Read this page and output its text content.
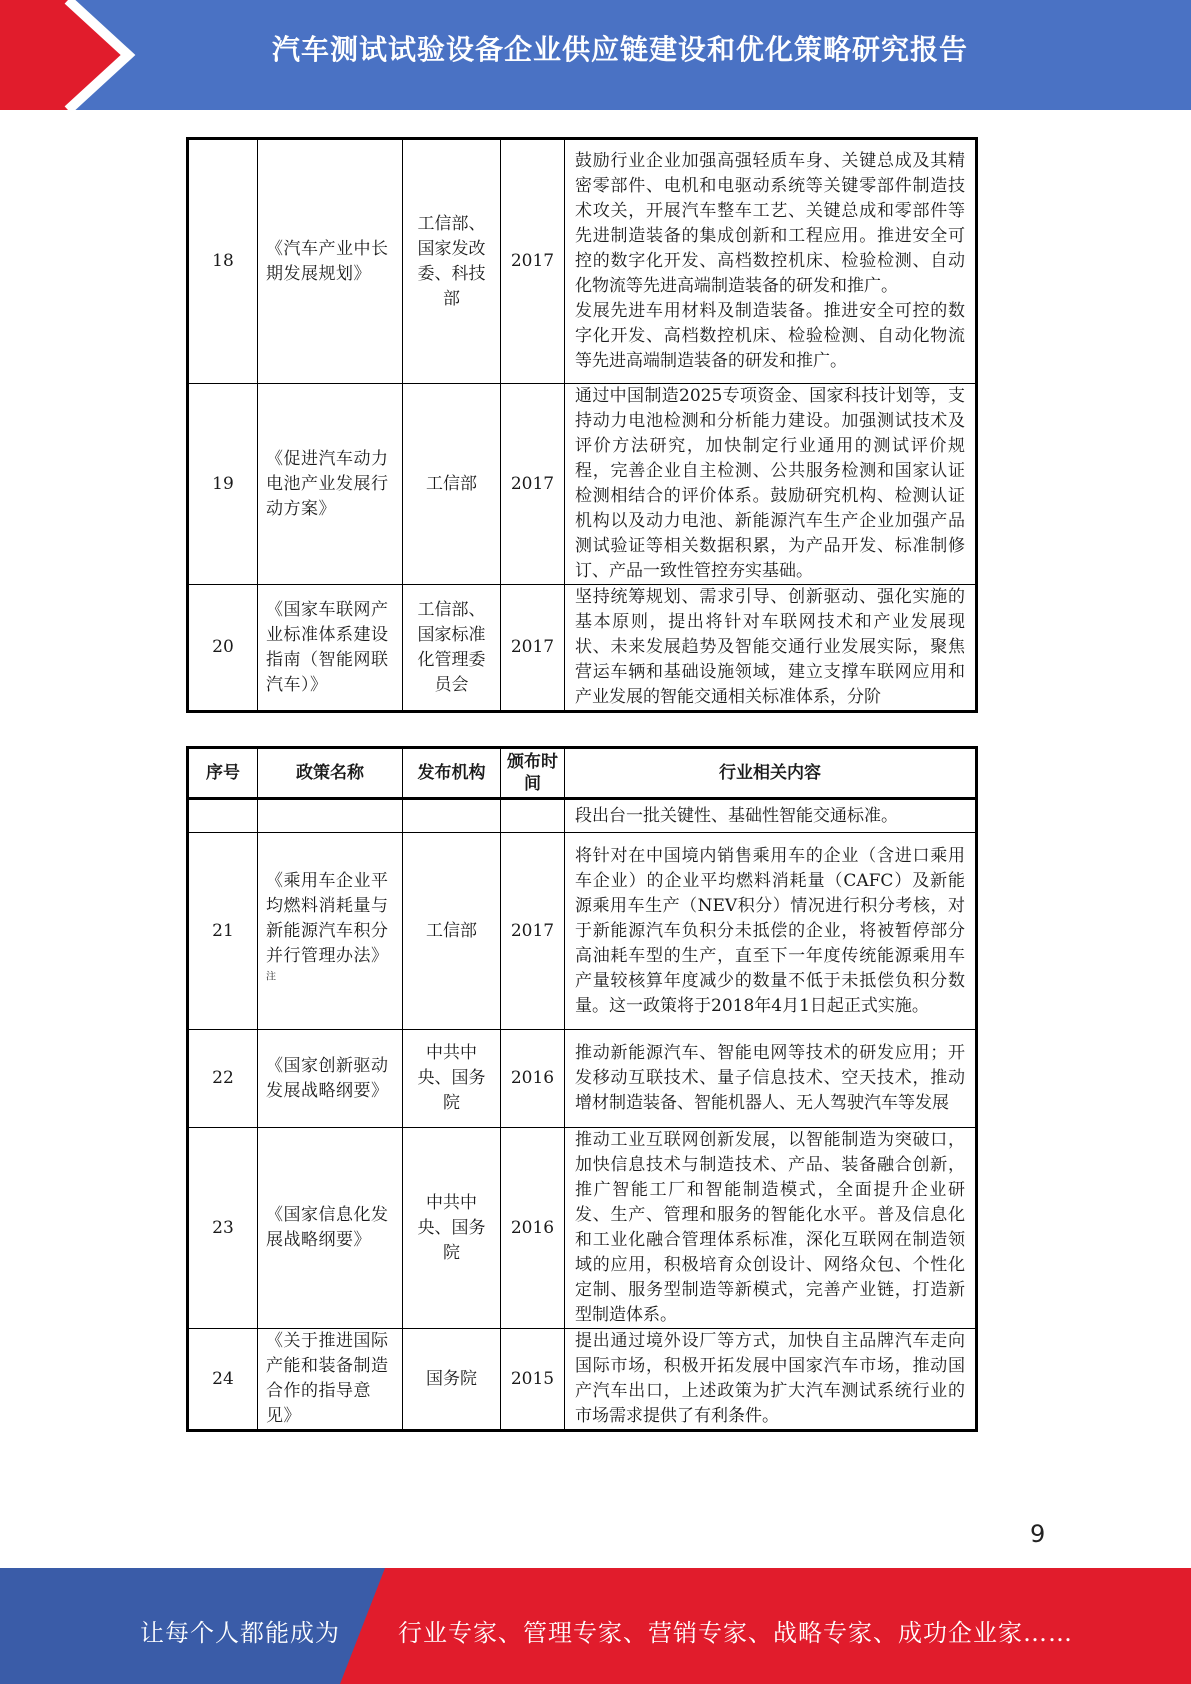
汽车测试试验设备企业供应链建设和优化策略研究报告
18	《汽车产业中长期发展规划》	工信部、国家发改委、科技部	2017	鼓励行业企业加强高强轻质车身、关键总成及其精密零部件、电机和电驱动系统等关键零部件制造技术攻关，开展汽车整车工艺、关键总成和零部件等先进制造装备的集成创新和工程应用。推进安全可控的数字化开发、高档数控机床、检验检测、自动化物流等先进高端制造装备的研发和推广。
发展先进车用材料及制造装备。推进安全可控的数字化开发、高档数控机床、检验检测、自动化物流等先进高端制造装备的研发和推广。

19	《促进汽车动力电池产业发展行动方案》	工信部	2017	通过中国制造2025专项资金、国家科技计划等，支持动力电池检测和分析能力建设。加强测试技术及评价方法研究，加快制定行业通用的测试评价规程，完善企业自主检测、公共服务检测和国家认证检测相结合的评价体系。鼓励研究机构、检测认证机构以及动力电池、新能源汽车生产企业加强产品测试验证等相关数据积累，为产品开发、标准制修订、产品一致性管控夯实基础。
20	《国家车联网产业标准体系建设指南（智能网联汽车）》	工信部、国家标准化管理委员会	2017	坚持统筹规划、需求引导、创新驱动、强化实施的基本原则，提出将针对车联网技术和产业发展现状、未来发展趋势及智能交通行业发展实际，聚焦营运车辆和基础设施领域，建立支撑车联网应用和产业发展的智能交通相关标准体系，分阶
序号	政策名称	发布机构	颁布时间	行业相关内容
				段出台一批关键性、基础性智能交通标准。
21	《乘用车企业平均燃料消耗量与新能源汽车积分并行管理办法》$^注$	工信部	2017	将针对在中国境内销售乘用车的企业（含进口乘用车企业）的企业平均燃料消耗量（CAFC）及新能源乘用车生产（NEV积分）情况进行积分考核，对于新能源汽车负积分未抵偿的企业，将被暂停部分高油耗车型的生产，直至下一年度传统能源乘用车产量较核算年度减少的数量不低于未抵偿负积分数量。这一政策将于2018年4月1日起正式实施。
22	《国家创新驱动发展战略纲要》	中共中央、国务院	2016	推动新能源汽车、智能电网等技术的研发应用；开发移动互联技术、量子信息技术、空天技术，推动增材制造装备、智能机器人、无人驾驶汽车等发展
23	《国家信息化发展战略纲要》	中共中央、国务院	2016	推动工业互联网创新发展，以智能制造为突破口，加快信息技术与制造技术、产品、装备融合创新，推广智能工厂和智能制造模式，全面提升企业研发、生产、管理和服务的智能化水平。普及信息化和工业化融合管理体系标准，深化互联网在制造领域的应用，积极培育众创设计、网络众包、个性化定制、服务型制造等新模式，完善产业链，打造新型制造体系。
24	《关于推进国际产能和装备制造合作的指导意见》	国务院	2015	提出通过境外设厂等方式，加快自主品牌汽车走向国际市场，积极开拓发展中国家汽车市场，推动国产汽车出口，上述政策为扩大汽车测试系统行业的市场需求提供了有利条件。
9
让每个人都能成为 行业专家、管理专家、营销专家、战略专家、成功企业家……
